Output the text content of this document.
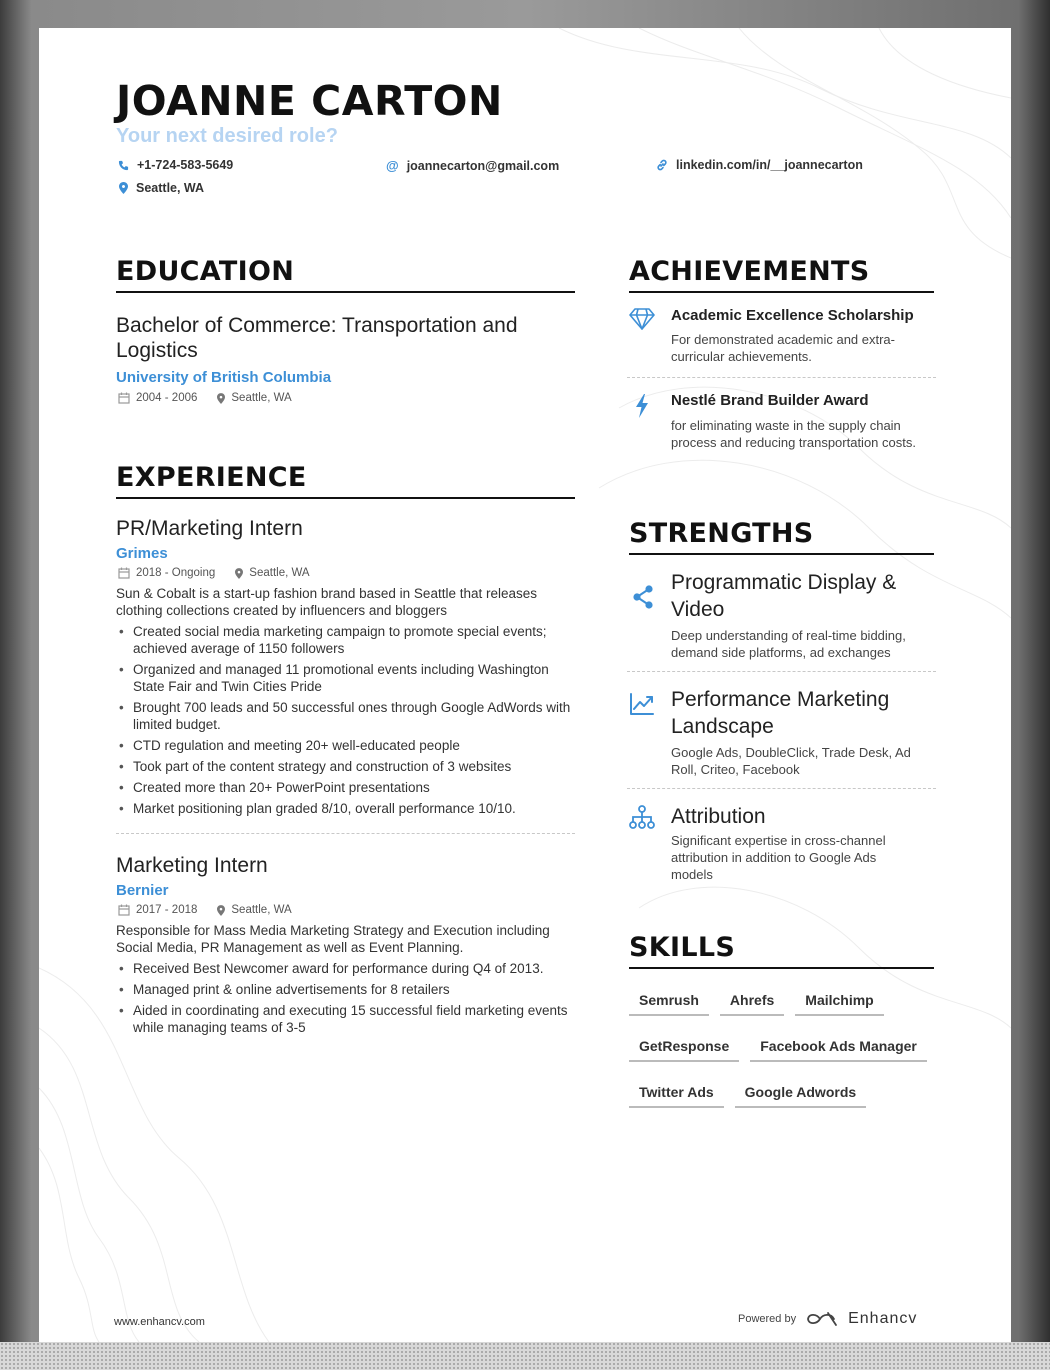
JOANNE CARTON
Your next desired role?
+1-724-583-5649	@ joannecarton@gmail.com	linkedin.com/in/__joannecarton
Seattle, WA
EDUCATION

Bachelor of Commerce: Transportation and Logistics

University of British Columbia

2004 - 2006	Seattle, WA
EXPERIENCE

PR/Marketing Intern

Grimes

2018 - Ongoing	Seattle, WA

Sun & Cobalt is a start-up fashion brand based in Seattle that releases clothing collections created by influencers and bloggers

• Created social media marketing campaign to promote special events; achieved average of 1150 followers
• Organized and managed 11 promotional events including Washington State Fair and Twin Cities Pride
• Brought 700 leads and 50 successful ones through Google AdWords with limited budget.
• CTD regulation and meeting 20+ well-educated people
• Took part of the content strategy and construction of 3 websites
• Created more than 20+ PowerPoint presentations
• Market positioning plan graded 8/10, overall performance 10/10.

Marketing Intern

Bernier

2017 - 2018	Seattle, WA

Responsible for Mass Media Marketing Strategy and Execution including Social Media, PR Management as well as Event Planning.

• Received Best Newcomer award for performance during Q4 of 2013.
• Managed print & online advertisements for 8 retailers
• Aided in coordinating and executing 15 successful field marketing events while managing teams of 3-5
ACHIEVEMENTS

Academic Excellence Scholarship

For demonstrated academic and extra-curricular achievements.

Nestlé Brand Builder Award

for eliminating waste in the supply chain process and reducing transportation costs.

STRENGTHS

Programmatic Display & Video

Deep understanding of real-time bidding, demand side platforms, ad exchanges

Performance Marketing Landscape

Google Ads, DoubleClick, Trade Desk, Ad Roll, Criteo, Facebook

Attribution

Significant expertise in cross-channel attribution in addition to Google Ads models

SKILLS
Semrush	Ahrefs	Mailchimp
GetResponse	Facebook Ads Manager
Twitter Ads	Google Adwords
www.enhancv.com	Powered by	Enhancv
